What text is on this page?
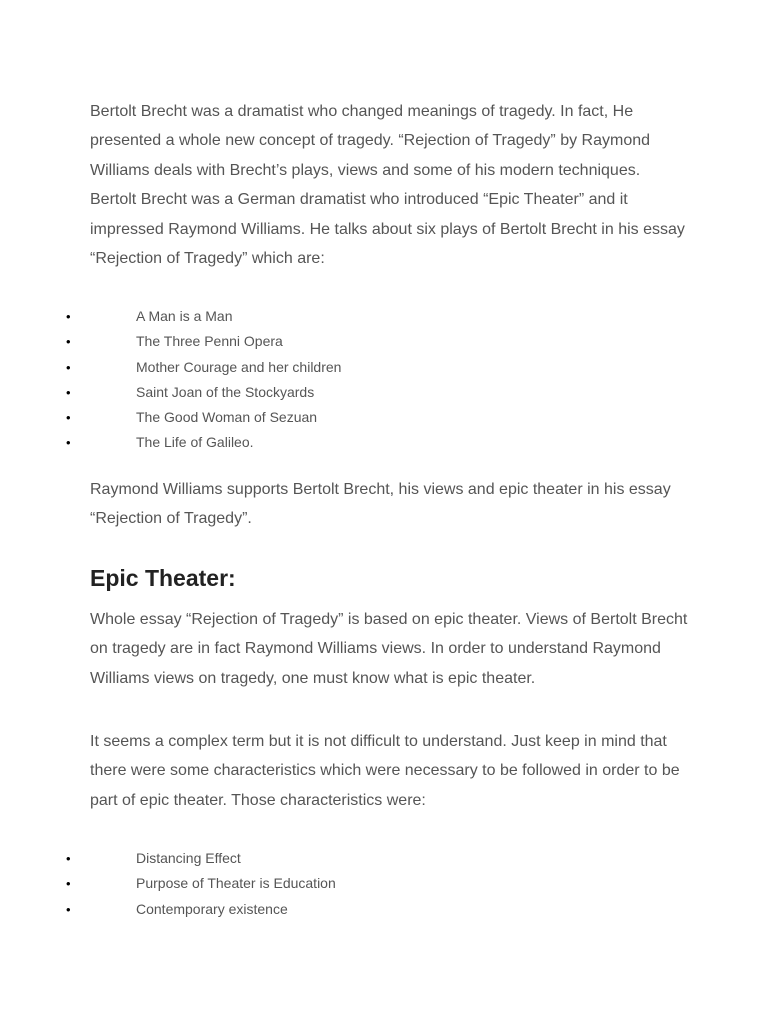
Bertolt Brecht was a dramatist who changed meanings of tragedy. In fact, He presented a whole new concept of tragedy. “Rejection of Tragedy” by Raymond Williams deals with Brecht’s plays, views and some of his modern techniques. Bertolt Brecht was a German dramatist who introduced “Epic Theater” and it impressed Raymond Williams. He talks about six plays of Bertolt Brecht in his essay “Rejection of Tragedy” which are:

•	A Man is a Man
•	The Three Penni Opera
•	Mother Courage and her children
•	Saint Joan of the Stockyards
•	The Good Woman of Sezuan
•	The Life of Galileo.

Raymond Williams supports Bertolt Brecht, his views and epic theater in his essay “Rejection of Tragedy”.

Epic Theater:

Whole essay “Rejection of Tragedy” is based on epic theater. Views of Bertolt Brecht on tragedy are in fact Raymond Williams views. In order to understand Raymond Williams views on tragedy, one must know what is epic theater.

It seems a complex term but it is not difficult to understand. Just keep in mind that there were some characteristics which were necessary to be followed in order to be part of epic theater. Those characteristics were:

•	Distancing Effect
•	Purpose of Theater is Education
•	Contemporary existence
